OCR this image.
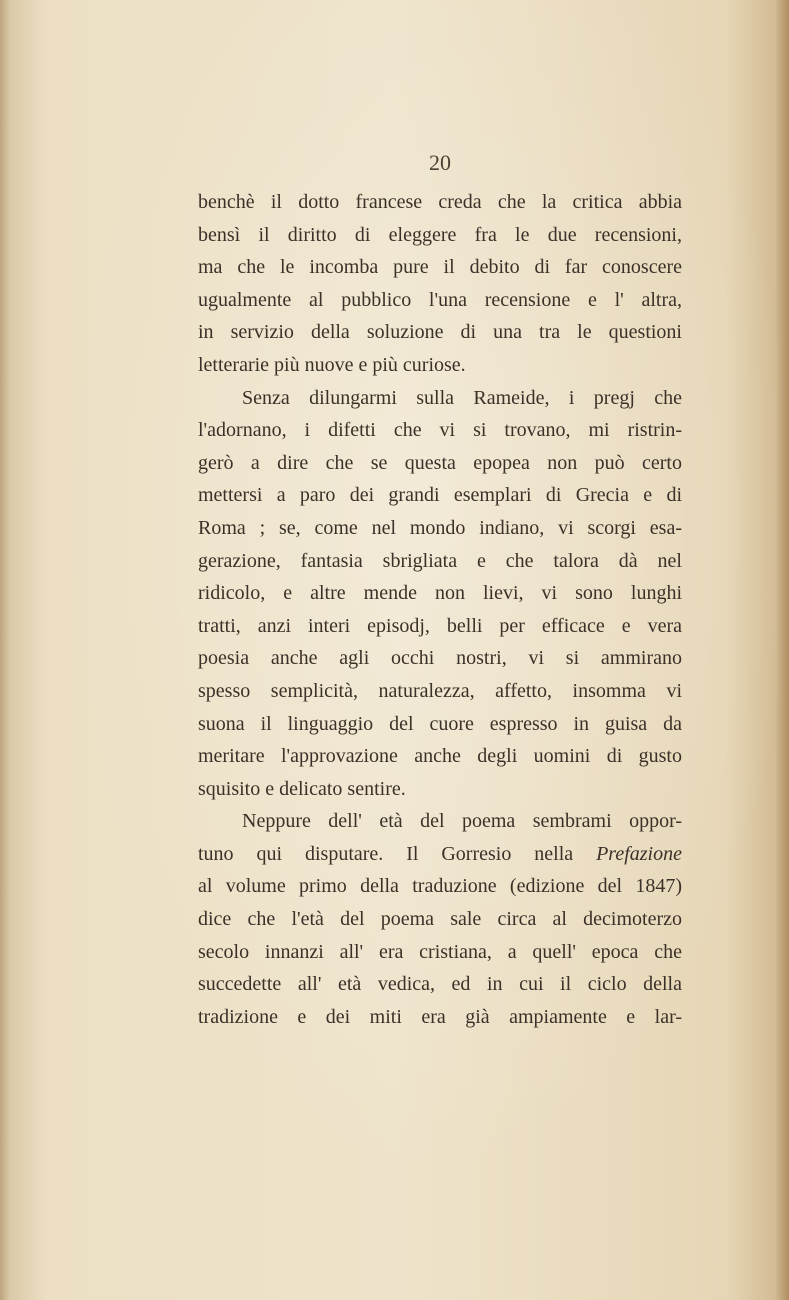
20
benchè il dotto francese creda che la critica abbia
bensì il diritto di eleggere fra le due recensioni,
ma che le incomba pure il debito di far conoscere
ugualmente al pubblico l'una recensione e l' altra,
in servizio della soluzione di una tra le questioni
letterarie più nuove e più curiose.
Senza dilungarmi sulla Rameide, i pregj che
l'adornano, i difetti che vi si trovano, mi ristrin-
gerò a dire che se questa epopea non può certo
mettersi a paro dei grandi esemplari di Grecia e di
Roma ; se, come nel mondo indiano, vi scorgi esa-
gerazione, fantasia sbrigliata e che talora dà nel
ridicolo, e altre mende non lievi, vi sono lunghi
tratti, anzi interi episodj, belli per efficace e vera
poesia anche agli occhi nostri, vi si ammirano
spesso semplicità, naturalezza, affetto, insomma vi
suona il linguaggio del cuore espresso in guisa da
meritare l'approvazione anche degli uomini di gusto
squisito e delicato sentire.
Neppure dell' età del poema sembrami oppor-
tuno qui disputare. Il Gorresio nella Prefazione
al volume primo della traduzione (edizione del 1847)
dice che l'età del poema sale circa al decimoterzo
secolo innanzi all' era cristiana, a quell' epoca che
succedette all' età vedica, ed in cui il ciclo della
tradizione e dei miti era già ampiamente e lar-
